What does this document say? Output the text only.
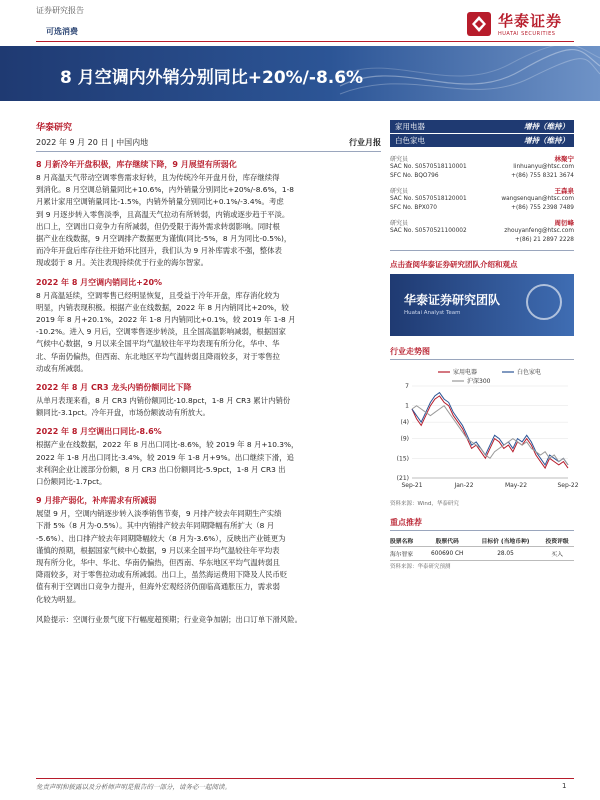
证券研究报告
可选消费
华泰证券
HUATAI SECURITIES
8 月空调内外销分别同比+20%/-8.6%
华泰研究
2022 年 9 月 20 日 | 中国内地	行业月报
8 月新冷年开盘积极，库存继续下降，9 月展望有所弱化
8 月高温天气带动空调零售需求好转，且为传统冷年开盘月份，库存继续得
到消化。8 月空调总销量同比+10.6%，内外销量分别同比+20%/-8.6%，1-8
月累计家用空调销量同比-1.5%，内销外销量分别同比+0.1%/-3.4%。考虑
到 9 月逐步转入零售淡季，且高温天气拉动有所转弱，内销或逐步趋于平淡。
出口上，空调出口竞争力有所减弱，但仍受限于海外需求转弱影响。同时根
据产业在线数据，9 月空调排产数据更为谨慎(同比-5%，8 月为同比-0.5%)，
而冷年开盘后库存往往开始环比回升，我们认为 9 月补库需求不强，整体表
现或弱于 8 月。关注表现持续优于行业的海尔智家。
2022 年 8 月空调内销同比+20%
8 月高温延续，空调零售已经明显恢复，且受益于冷年开盘，库存消化较为
明显，内销表现积极。根据产业在线数据，2022 年 8 月内销同比+20%，较
2019 年 8 月+20.1%，2022 年 1-8 月内销同比+0.1%，较 2019 年 1-8 月
-10.2%。进入 9 月后，空调零售逐步转淡，且全国高温影响减弱，根据国家
气候中心数据，9 月以来全国平均气温较往年平均表现有所分化，华中、华
北、华南仍偏热，但西南、东北地区平均气温转弱且降雨较多，对于零售拉
动或有所减弱。
2022 年 8 月 CR3 龙头内销份额同比下降
从单月表现来看，8 月 CR3 内销份额同比-10.8pct，1-8 月 CR3 累计内销份
额同比-3.1pct。冷年开盘，市场份额波动有所放大。
2022 年 8 月空调出口同比-8.6%
根据产业在线数据，2022 年 8 月出口同比-8.6%，较 2019 年 8 月+10.3%，
2022 年 1-8 月出口同比-3.4%，较 2019 年 1-8 月+9%。出口继续下滑，追
求利润企业让渡部分份额，8 月 CR3 出口份额同比-5.9pct，1-8 月 CR3 出
口份额同比-1.7pct。
9 月排产弱化，补库需求有所减弱
展望 9 月，空调内销逐步转入淡季销售节奏，9 月排产较去年同期生产实绩
下滑 5%（8 月为-0.5%）。其中内销排产较去年同期降幅有所扩大（8 月
-5.6%）、出口排产较去年同期降幅较大（8 月为-3.6%），反映出产业链更为
谨慎的预期，根据国家气候中心数据，9 月以来全国平均气温较往年平均表
现有所分化，华中、华北、华南仍偏热，但西南、华东地区平均气温转弱且
降雨较多，对于零售拉动或有所减弱。出口上，虽然海运费用下降及人民币贬
值有利于空调出口竞争力提升，但海外宏观经济仍面临高通胀压力，需求弱
化较为明显。
风险提示：空调行业景气度下行幅度超预期；行业竞争加剧；出口订单下滑风险。
家用电器	增持（维持）
白色家电	增持（维持）
研究员	林聚宁
SAC No. S0570518110001	linhuanyu@htsc.com
SFC No. BQO796	+(86) 755 8321 3674
研究员	王森泉
SAC No. S0570518120001	wangsenquan@htsc.com
SFC No. BPX070	+(86) 755 2398 7489
研究员	周衍峰
SAC No. S0570521100002	zhouyanfeng@htsc.com
+(86) 21 2897 2228
点击查阅华泰证券研究团队介绍和观点
华泰证券研究团队
Huatai Analyst Team
行业走势图
7
1
(4)
(9)
(15)
(21)
Sep-21	Jan-22	May-22	Sep-22
家用电器	白色家电
沪深300
资料来源：Wind，华泰研究
重点推荐
股票名称	股票代码	目标价 (当地币种)	投资评级
海尔智家	600690 CH	28.05	买入
资料来源：华泰研究预测
免责声明和披露以及分析师声明是报告的一部分，请务必一起阅读。	1
